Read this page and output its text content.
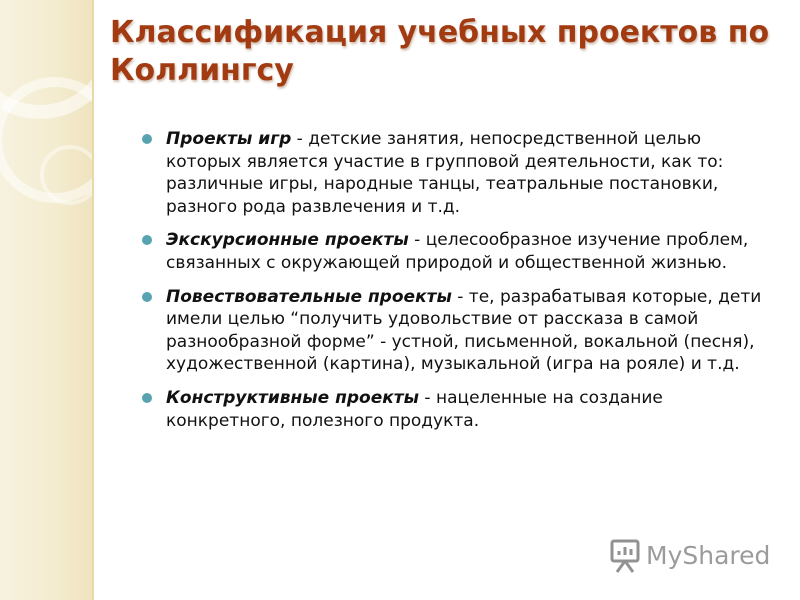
Классификация учебных проектов по Коллингсу
Проекты игр - детские занятия, непосредственной целью которых является участие в групповой деятельности, как то: различные игры, народные танцы, театральные постановки, разного рода развлечения и т.д.
Экскурсионные проекты - целесообразное изучение проблем, связанных с окружающей природой и общественной жизнью.
Повествовательные проекты - те, разрабатывая которые, дети имели целью “получить удовольствие от рассказа в самой разнообразной форме” - устной, письменной, вокальной (песня), художественной (картина), музыкальной (игра на рояле) и т.д.
Конструктивные проекты - нацеленные на создание конкретного, полезного продукта.
MyShared
